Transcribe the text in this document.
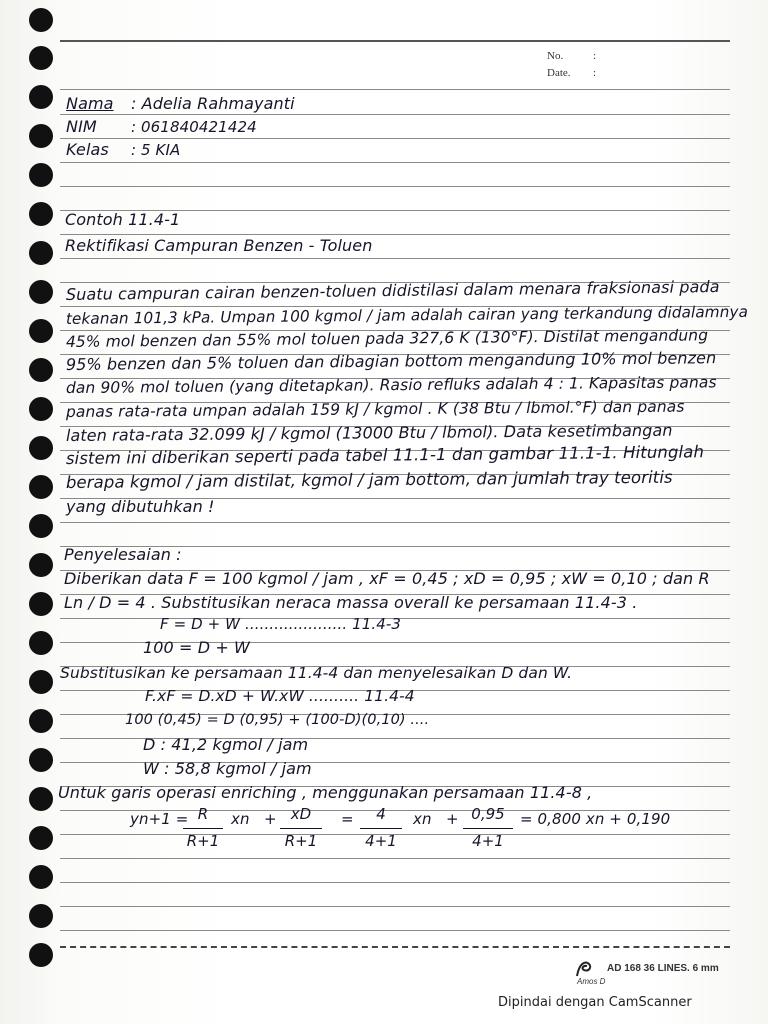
No.	:
Date. :
Nama : Adelia Rahmayanti
NIM : 061840421424
Kelas : 5 KIA
Contoh 11.4-1
Rektifikasi Campuran Benzen - Toluen
Suatu campuran cairan benzen-toluen didistilasi dalam menara fraksionasi pada
tekanan 101,3 kPa. Umpan 100 kgmol / jam adalah cairan yang terkandung didalamnya
45% mol benzen dan 55% mol toluen pada 327,6 K (130°F). Distilat mengandung
95% benzen dan 5% toluen dan dibagian bottom mengandung 10% mol benzen
dan 90% mol toluen (yang ditetapkan). Rasio refluks adalah 4 : 1. Kapasitas panas
panas rata-rata umpan adalah 159 kJ / kgmol . K (38 Btu / lbmol.°F) dan panas
laten rata-rata 32.099 kJ / kgmol (13000 Btu / lbmol). Data kesetimbangan
sistem ini diberikan seperti pada tabel 11.1-1 dan gambar 11.1-1. Hitunglah
berapa kgmol / jam distilat, kgmol / jam bottom, dan jumlah tray teoritis
yang dibutuhkan !
Penyelesaian :
Diberikan data F = 100 kgmol / jam , xF = 0,45 ; xD = 0,95 ; xW = 0,10 ; dan R
Ln / D = 4 . Substitusikan neraca massa overall ke persamaan 11.4-3 .
F = D + W ..................... 11.4-3
100 = D + W
Substitusikan ke persamaan 11.4-4 dan menyelesaikan D dan W.
F.xF = D.xD + W.xW .......... 11.4-4
100 (0,45) = D (0,95) + (100-D)(0,10) ....
D : 41,2 kgmol / jam
W : 58,8 kgmol / jam
Untuk garis operasi enriching , menggunakan persamaan 11.4-8 ,
yn+1 = R
R+1
xn + xD
R+1
=	4
4+1
xn + 0,95
4+1
= 0,800 xn + 0,190
Amos D
AD 168 36 LINES. 6 mm
Dipindai dengan CamScanner
